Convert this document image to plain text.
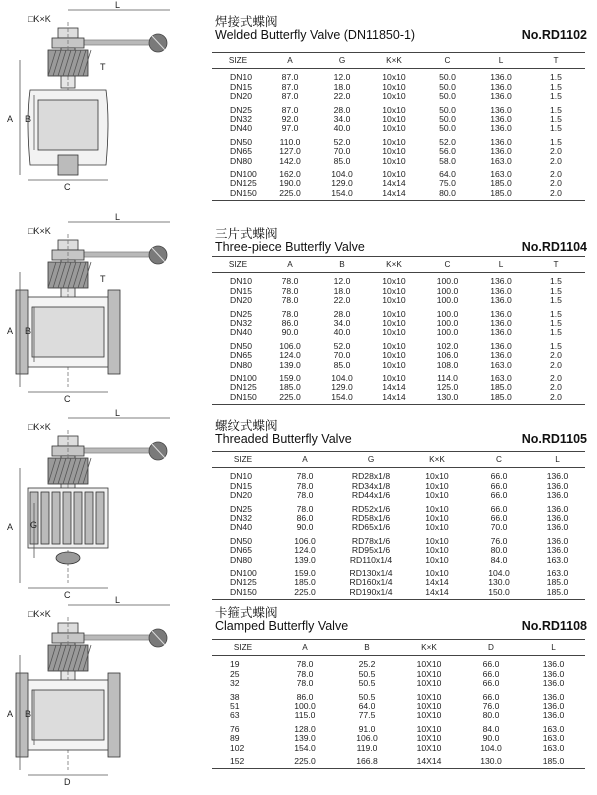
□K×K
L
T
A B
C
焊接式蝶阀
Welded Butterfly Valve (DN11850-1)	No.RD1102
SIZE	A	G	K×K	C	L	T
DN10	87.0	12.0	10x10	50.0	136.0	1.5
DN15	87.0	18.0	10x10	50.0	136.0	1.5
DN20	87.0	22.0	10x10	50.0	136.0	1.5
DN25	87.0	28.0	10x10	50.0	136.0	1.5
DN32	92.0	34.0	10x10	50.0	136.0	1.5
DN40	97.0	40.0	10x10	50.0	136.0	1.5
DN50	110.0	52.0	10x10	52.0	136.0	1.5
DN65	127.0	70.0	10x10	56.0	136.0	2.0
DN80	142.0	85.0	10x10	58.0	163.0	2.0
DN100	162.0	104.0	10x10	64.0	163.0	2.0
DN125	190.0	129.0	14x14	75.0	185.0	2.0
DN150	225.0	154.0	14x14	80.0	185.0	2.0
□K×K
L
T
A B
C
三片式蝶阀
Three-piece Butterfly Valve	No.RD1104
SIZE	A	B	K×K	C	L	T
DN10	78.0	12.0	10x10	100.0	136.0	1.5
DN15	78.0	18.0	10x10	100.0	136.0	1.5
DN20	78.0	22.0	10x10	100.0	136.0	1.5
DN25	78.0	28.0	10x10	100.0	136.0	1.5
DN32	86.0	34.0	10x10	100.0	136.0	1.5
DN40	90.0	40.0	10x10	100.0	136.0	1.5
DN50	106.0	52.0	10x10	102.0	136.0	1.5
DN65	124.0	70.0	10x10	106.0	136.0	2.0
DN80	139.0	85.0	10x10	108.0	163.0	2.0
DN100	159.0	104.0	10x10	114.0	163.0	2.0
DN125	185.0	129.0	14x14	125.0	185.0	2.0
DN150	225.0	154.0	14x14	130.0	185.0	2.0
□K×K
L
A G
C
螺纹式蝶阀
Threaded Butterfly Valve	No.RD1105
SIZE	A	G	K×K	C	L
DN10	78.0	RD28x1/8	10x10	66.0	136.0
DN15	78.0	RD34x1/8	10x10	66.0	136.0
DN20	78.0	RD44x1/6	10x10	66.0	136.0
DN25	78.0	RD52x1/6	10x10	66.0	136.0
DN32	86.0	RD58x1/6	10x10	66.0	136.0
DN40	90.0	RD65x1/6	10x10	70.0	136.0
DN50	106.0	RD78x1/6	10x10	76.0	136.0
DN65	124.0	RD95x1/6	10x10	80.0	136.0
DN80	139.0	RD110x1/4	10x10	84.0	163.0
DN100	159.0	RD130x1/4	10x10	104.0	163.0
DN125	185.0	RD160x1/4	14x14	130.0	185.0
DN150	225.0	RD190x1/4	14x14	150.0	185.0
□K×K
L
A B
D
卡箍式蝶阀
Clamped Butterfly Valve	No.RD1108
SIZE	A	B	K×K	D	L
19	78.0	25.2	10X10	66.0	136.0
25	78.0	50.5	10X10	66.0	136.0
32	78.0	50.5	10X10	66.0	136.0
38	86.0	50.5	10X10	66.0	136.0
51	100.0	64.0	10X10	76.0	136.0
63	115.0	77.5	10X10	80.0	136.0
76	128.0	91.0	10X10	84.0	163.0
89	139.0	106.0	10X10	90.0	163.0
102	154.0	119.0	10X10	104.0	163.0
152	225.0	166.8	14X14	130.0	185.0
